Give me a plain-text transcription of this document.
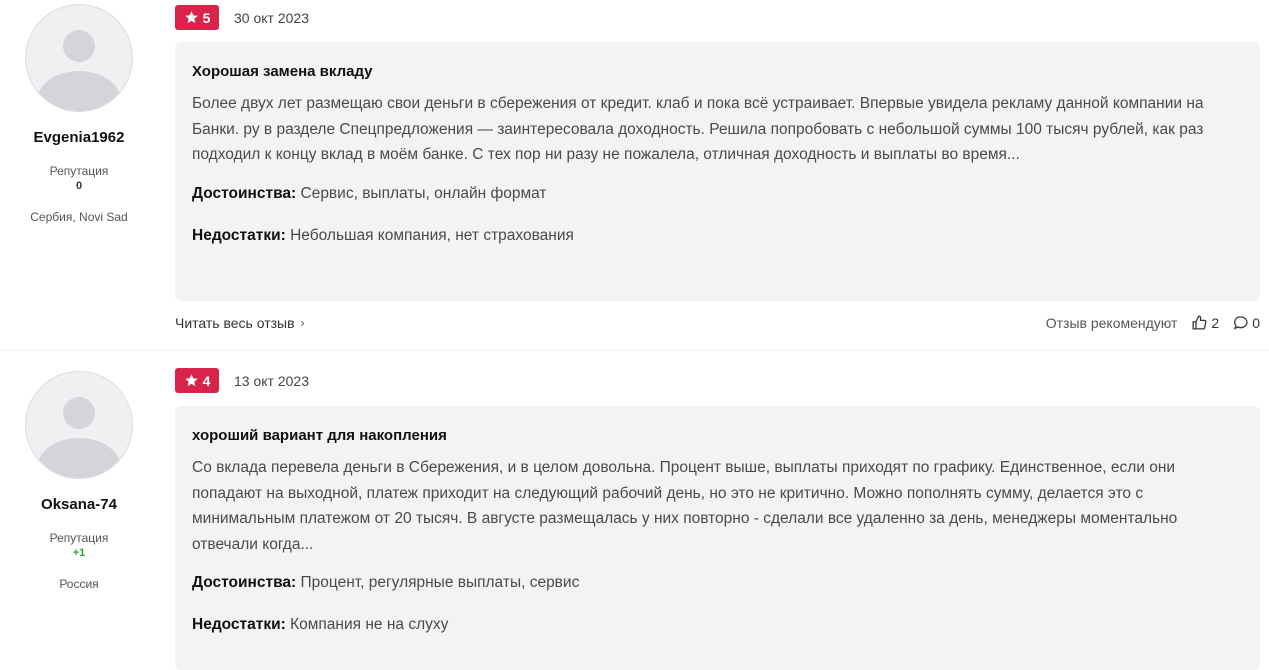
Evgenia1962
Репутация
0
Сербия, Novi Sad
5 30 окт 2023
Хорошая замена вкладу
Более двух лет размещаю свои деньги в сбережения от кредит. клаб и пока всё устраивает. Впервые увидела рекламу данной компании на Банки. ру в разделе Спецпредложения — заинтересовала доходность. Решила попробовать с небольшой суммы 100 тысяч рублей, как раз подходил к концу вклад в моём банке. С тех пор ни разу не пожалела, отличная доходность и выплаты во время...
Достоинства: Сервис, выплаты, онлайн формат
Недостатки: Небольшая компания, нет страхования
Читать весь отзыв ›	Отзыв рекомендуют 2 0
Oksana-74
Репутация
+1
Россия
4 13 окт 2023
хороший вариант для накопления
Со вклада перевела деньги в Сбережения, и в целом довольна. Процент выше, выплаты приходят по графику. Единственное, если они попадают на выходной, платеж приходит на следующий рабочий день, но это не критично. Можно пополнять сумму, делается это с минимальным платежом от 20 тысяч. В августе размещалась у них повторно - сделали все удаленно за день, менеджеры моментально отвечали когда...
Достоинства: Процент, регулярные выплаты, сервис
Недостатки: Компания не на слуху
